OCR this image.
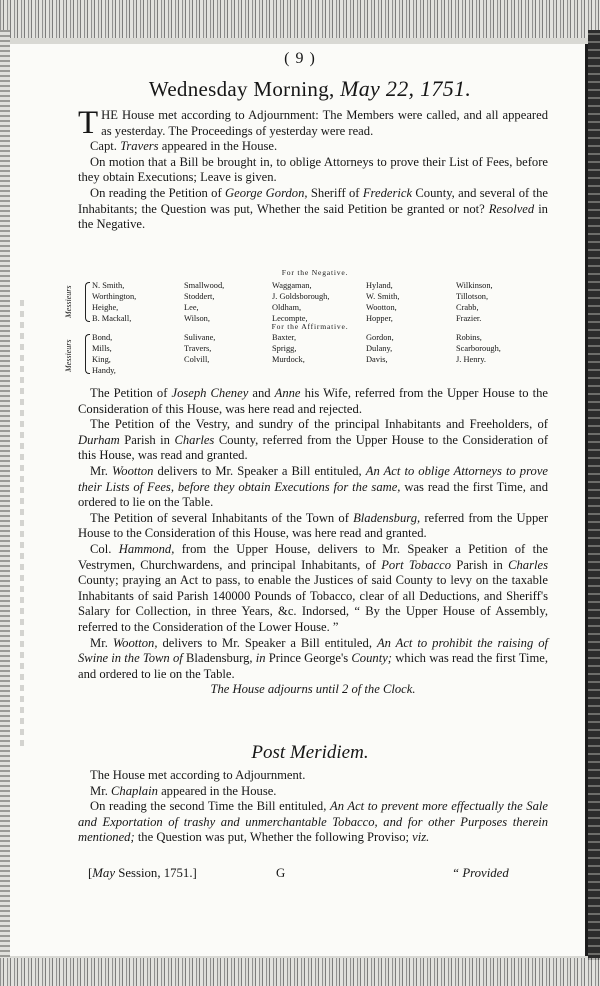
( 9 )
Wednesday Morning, May 22, 1751.

THE House met according to Adjournment: The Members were called, and all appeared as yesterday. The Proceedings of yesterday were read.

Capt. Travers appeared in the House.

On motion that a Bill be brought in, to oblige Attorneys to prove their List of Fees, before they obtain Executions; Leave is given.

On reading the Petition of George Gordon, Sheriff of Frederick County, and several of the Inhabitants; the Question was put, Whether the said Petition be granted or not? Resolved in the Negative.

For the Negative.
Messieurs
N. Smith,
Worthington,
Heighe,
B. Mackall,
Smallwood,
Stoddert,
Lee,
Wilson,
Waggaman,
J. Goldsborough,
Oldham,
Lecompte,
Hyland,
W. Smith,
Wootton,
Hopper,
Wilkinson,
Tillotson,
Crabb,
Frazier.
For the Affirmative.
Messieurs
Bond,
Mills,
King,
Handy,
Sulivane,
Travers,
Colvill,
Baxter,
Sprigg,
Murdock,
Gordon,
Dulany,
Davis,
Robins,
Scarborough,
J. Henry.

The Petition of Joseph Cheney and Anne his Wife, referred from the Upper House to the Consideration of this House, was here read and rejected.

The Petition of the Vestry, and sundry of the principal Inhabitants and Freeholders, of Durham Parish in Charles County, referred from the Upper House to the Consideration of this House, was read and granted.

Mr. Wootton delivers to Mr. Speaker a Bill entituled, An Act to oblige Attorneys to prove their Lists of Fees, before they obtain Executions for the same, was read the first Time, and ordered to lie on the Table.

The Petition of several Inhabitants of the Town of Bladensburg, referred from the Upper House to the Consideration of this House, was here read and granted.

Col. Hammond, from the Upper House, delivers to Mr. Speaker a Petition of the Vestrymen, Churchwardens, and principal Inhabitants, of Port Tobacco Parish in Charles County; praying an Act to pass, to enable the Justices of said County to levy on the taxable Inhabitants of said Parish 140000 Pounds of Tobacco, clear of all Deductions, and Sheriff's Salary for Collection, in three Years, &c. Indorsed, “ By the Upper House of Assembly, referred to the Consideration of the Lower House. ”

Mr. Wootton, delivers to Mr. Speaker a Bill entituled, An Act to prohibit the raising of Swine in the Town of Bladensburg, in Prince George's County; which was read the first Time, and ordered to lie on the Table.

The House adjourns until 2 of the Clock.

Post Meridiem.

The House met according to Adjournment.

Mr. Chaplain appeared in the House.

On reading the second Time the Bill entituled, An Act to prevent more effectually the Sale and Exportation of trashy and unmerchantable Tobacco, and for other Purposes therein mentioned; the Question was put, Whether the following Proviso; viz.

[May Session, 1751.]	G	“ Provided
